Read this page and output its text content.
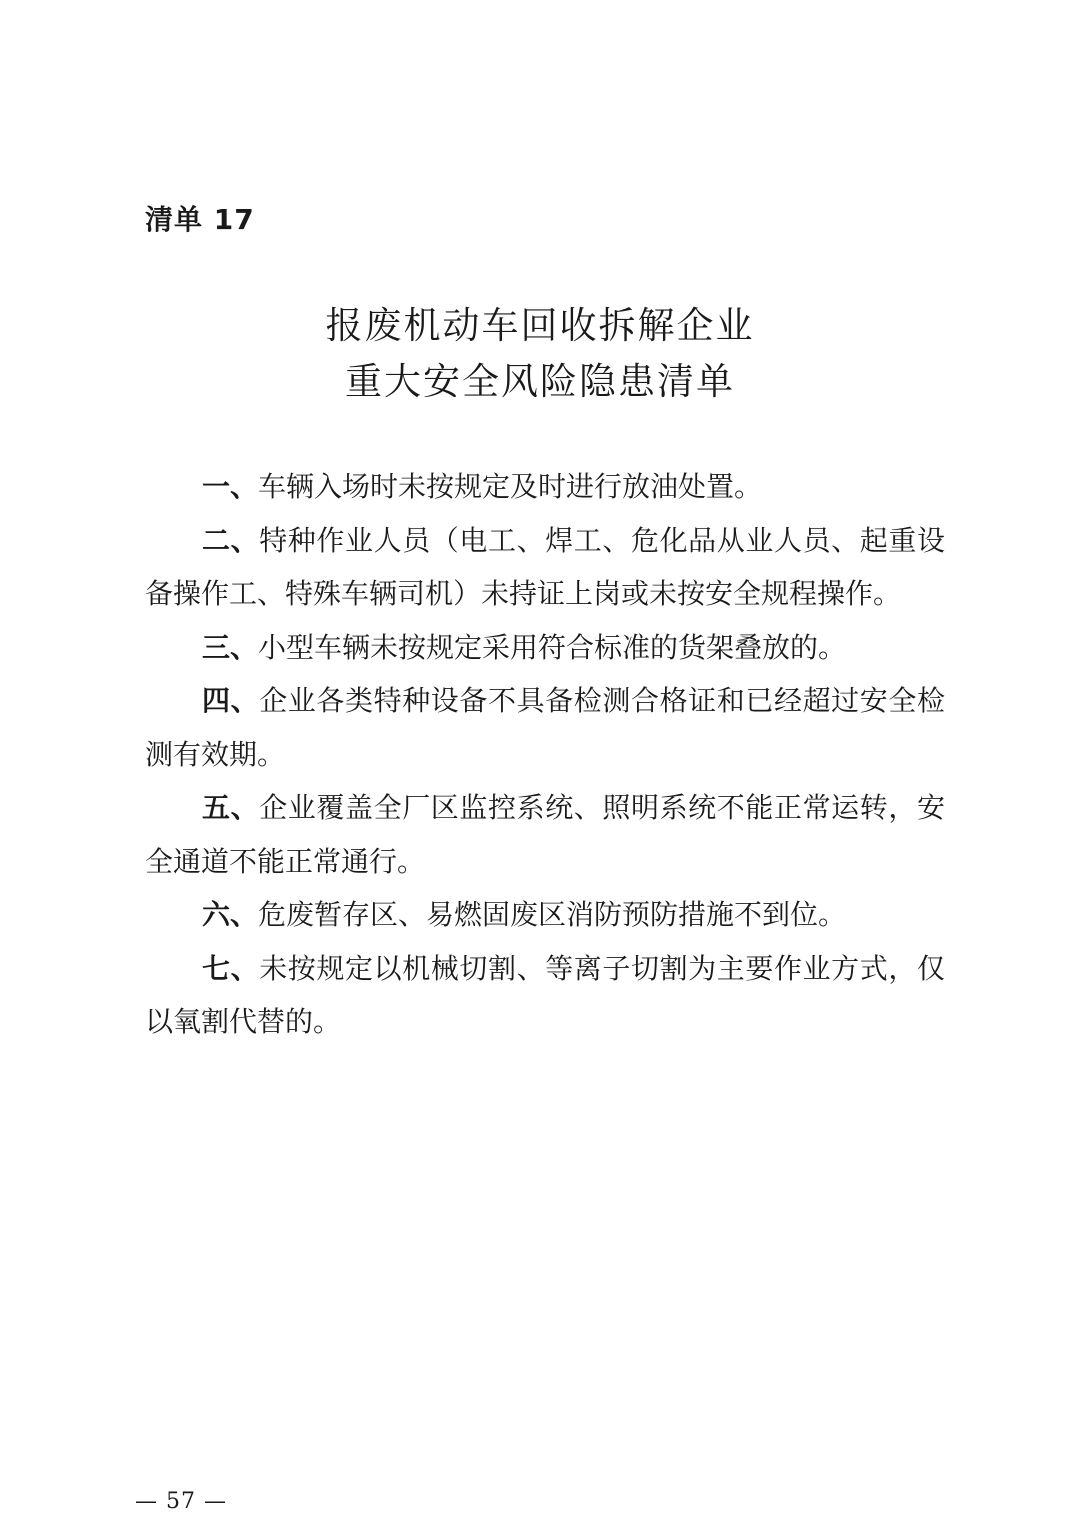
清单 17
报废机动车回收拆解企业
重大安全风险隐患清单

一、车辆入场时未按规定及时进行放油处置。

二、特种作业人员（电工、焊工、危化品从业人员、起重设备操作工、特殊车辆司机）未持证上岗或未按安全规程操作。

三、小型车辆未按规定采用符合标准的货架叠放的。

四、企业各类特种设备不具备检测合格证和已经超过安全检测有效期。

五、企业覆盖全厂区监控系统、照明系统不能正常运转，安全通道不能正常通行。

六、危废暂存区、易燃固废区消防预防措施不到位。

七、未按规定以机械切割、等离子切割为主要作业方式，仅以氧割代替的。

— 57 —
